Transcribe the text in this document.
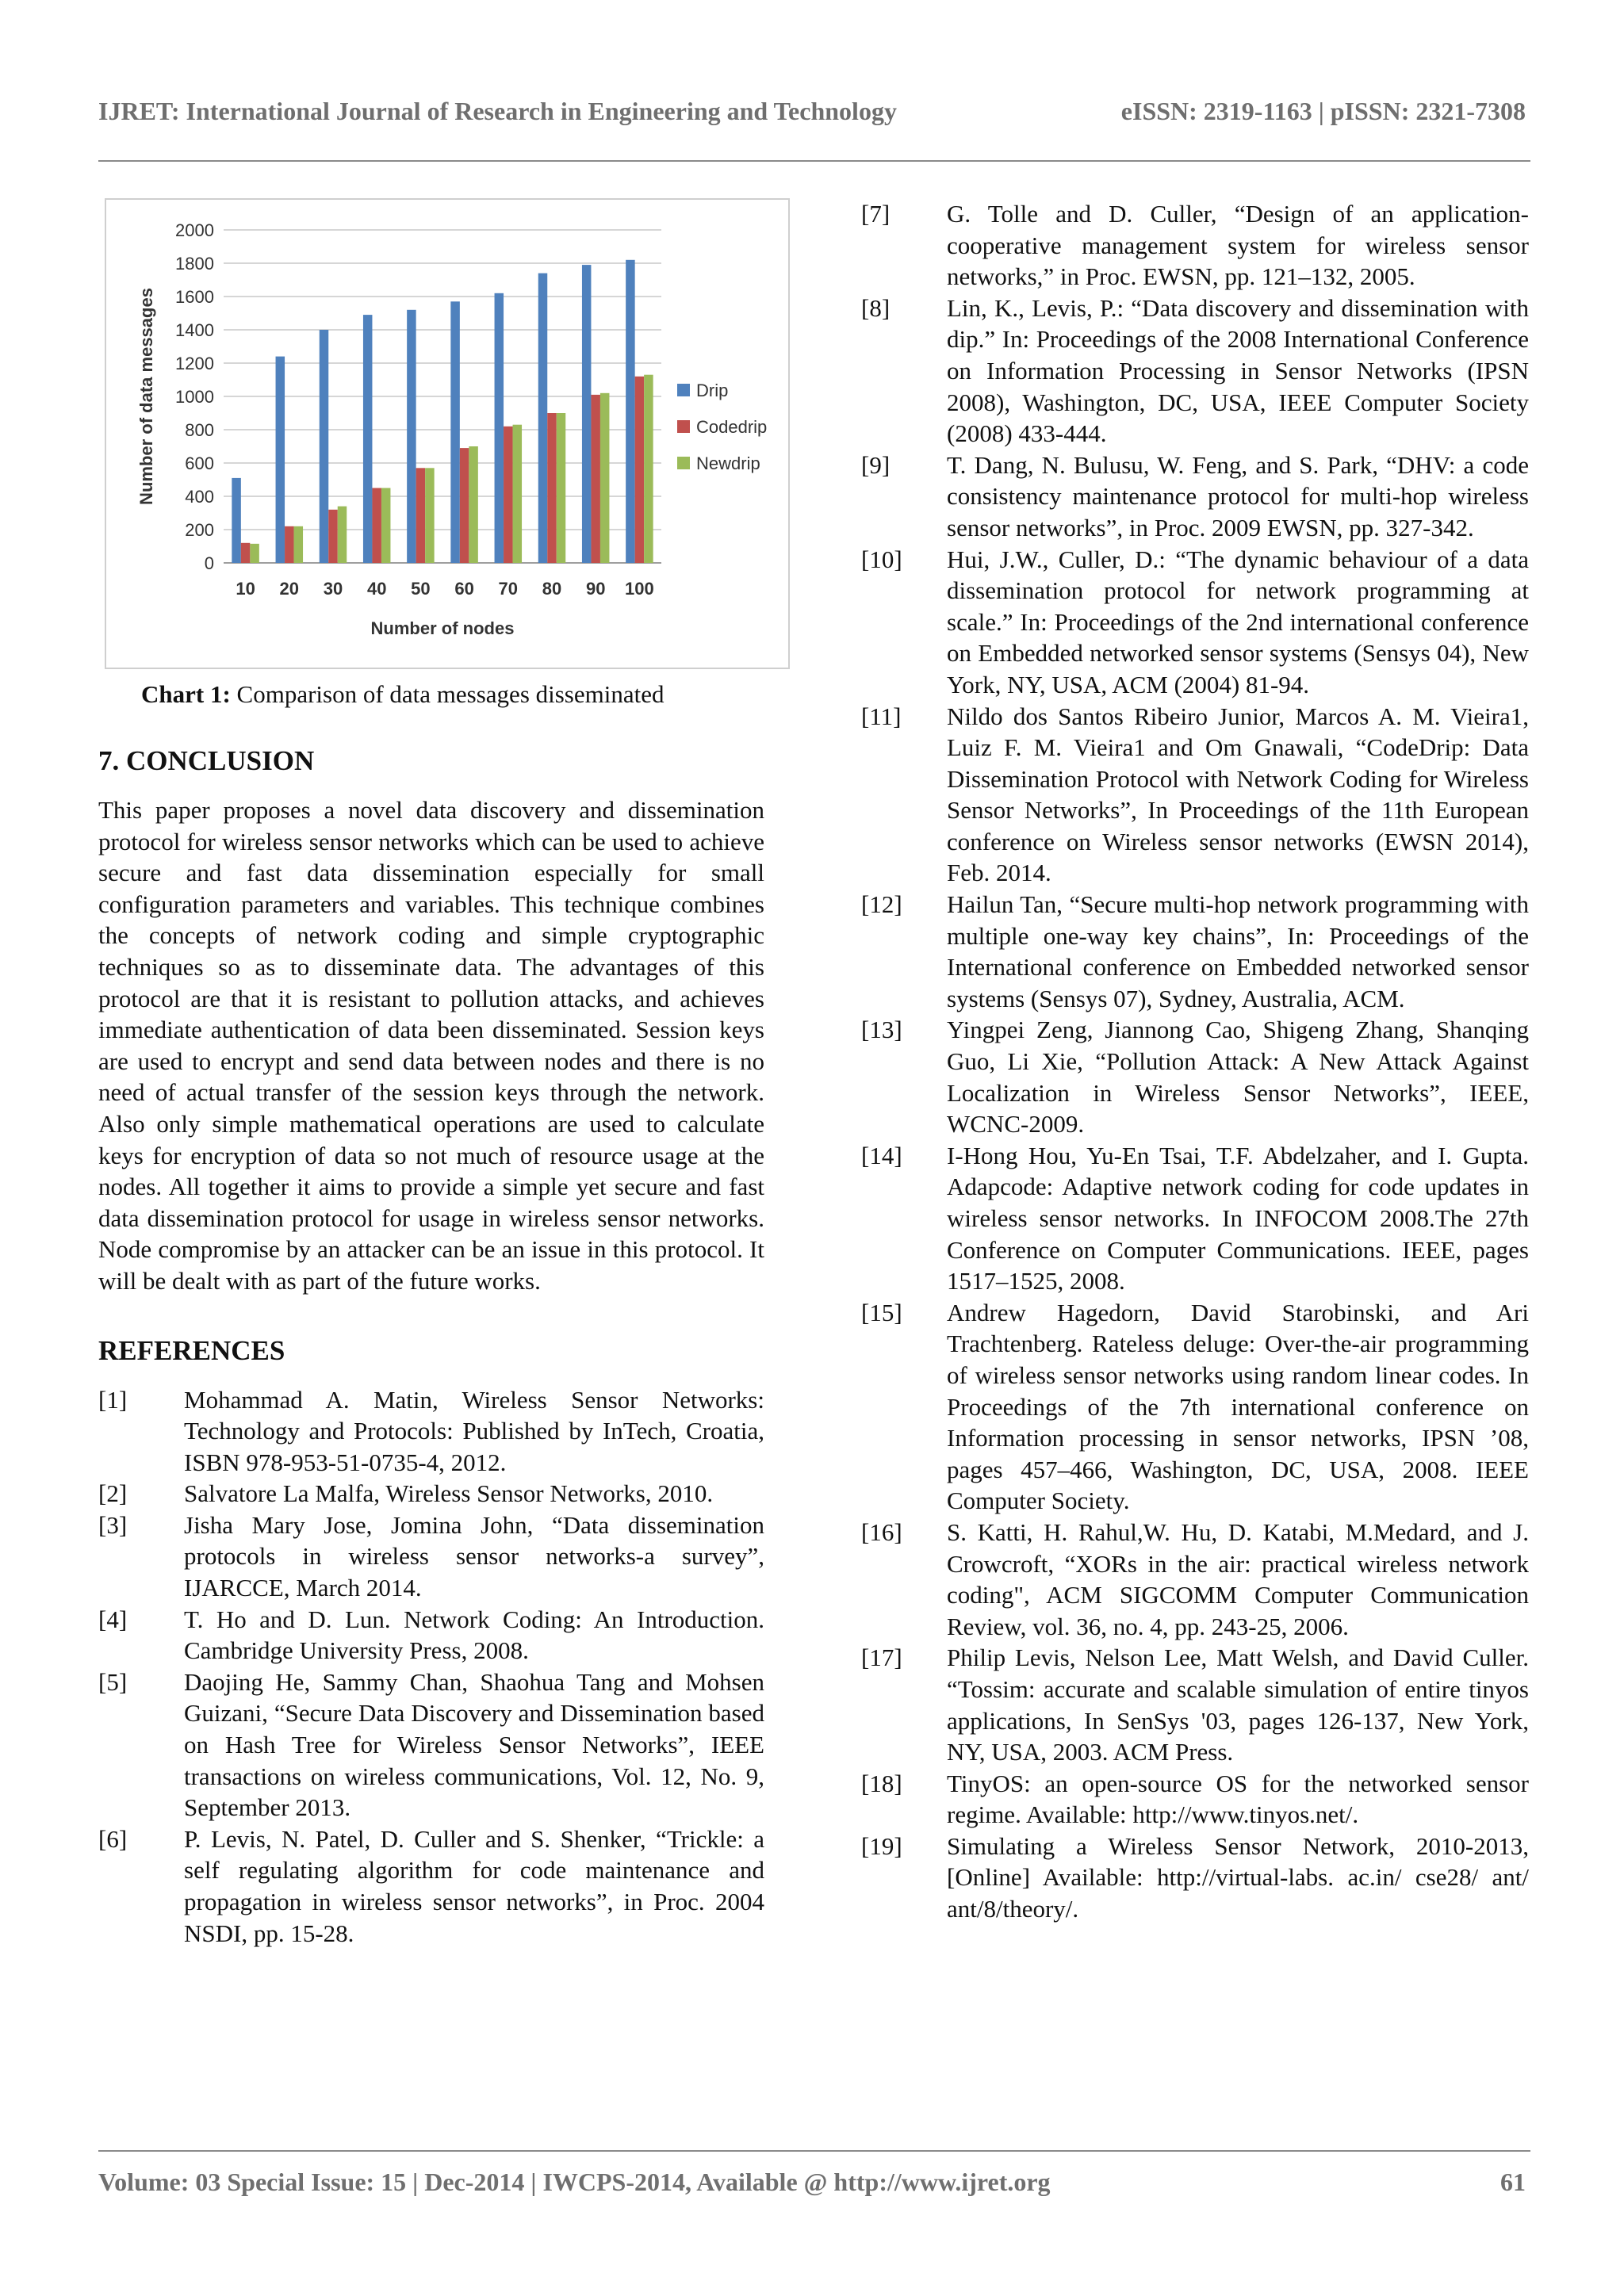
IJRET: International Journal of Research in Engineering and Technology	eISSN: 2319-1163 | pISSN: 2321-7308
0
200
400
600
800
1000
1200
1400
1600
1800
2000
10 20 30 40 50 60 70 80 90 100
Number of nodes
Number of data messages	Drip
Codedrip
Newdrip
Chart 1: Comparison of data messages disseminated
7. CONCLUSION

This paper proposes a novel data discovery and dissemination protocol for wireless sensor networks which can be used to achieve secure and fast data dissemination especially for small configuration parameters and variables. This technique combines the concepts of network coding and simple cryptographic techniques so as to disseminate data. The advantages of this protocol are that it is resistant to pollution attacks, and achieves immediate authentication of data been disseminated. Session keys are used to encrypt and send data between nodes and there is no need of actual transfer of the session keys through the network. Also only simple mathematical operations are used to calculate keys for encryption of data so not much of resource usage at the nodes. All together it aims to provide a simple yet secure and fast data dissemination protocol for usage in wireless sensor networks. Node compromise by an attacker can be an issue in this protocol. It will be dealt with as part of the future works.

REFERENCES
[1] Mohammad A. Matin, Wireless Sensor Networks: Technology and Protocols: Published by InTech, Croatia, ISBN 978-953-51-0735-4, 2012.
[2] Salvatore La Malfa, Wireless Sensor Networks, 2010.
[3] Jisha Mary Jose, Jomina John, “Data dissemination protocols in wireless sensor networks-a survey”, IJARCCE, March 2014.
[4] T. Ho and D. Lun. Network Coding: An Introduction. Cambridge University Press, 2008.
[5] Daojing He, Sammy Chan, Shaohua Tang and Mohsen Guizani, “Secure Data Discovery and Dissemination based on Hash Tree for Wireless Sensor Networks”, IEEE transactions on wireless communications, Vol. 12, No. 9, September 2013.
[6] P. Levis, N. Patel, D. Culler and S. Shenker, “Trickle: a self regulating algorithm for code maintenance and propagation in wireless sensor networks”, in Proc. 2004 NSDI, pp. 15-28.
[7] G. Tolle and D. Culler, “Design of an application-cooperative management system for wireless sensor networks,” in Proc. EWSN, pp. 121–132, 2005.
[8] Lin, K., Levis, P.: “Data discovery and dissemination with dip.” In: Proceedings of the 2008 International Conference on Information Processing in Sensor Networks (IPSN 2008), Washington, DC, USA, IEEE Computer Society (2008) 433-444.
[9] T. Dang, N. Bulusu, W. Feng, and S. Park, “DHV: a code consistency maintenance protocol for multi-hop wireless sensor networks”, in Proc. 2009 EWSN, pp. 327-342.
[10] Hui, J.W., Culler, D.: “The dynamic behaviour of a data dissemination protocol for network programming at scale.” In: Proceedings of the 2nd international conference on Embedded networked sensor systems (Sensys 04), New York, NY, USA, ACM (2004) 81-94.
[11] Nildo dos Santos Ribeiro Junior, Marcos A. M. Vieira1, Luiz F. M. Vieira1 and Om Gnawali, “CodeDrip: Data Dissemination Protocol with Network Coding for Wireless Sensor Networks”, In Proceedings of the 11th European conference on Wireless sensor networks (EWSN 2014), Feb. 2014.
[12] Hailun Tan, “Secure multi-hop network programming with multiple one-way key chains”, In: Proceedings of the International conference on Embedded networked sensor systems (Sensys 07), Sydney, Australia, ACM.
[13] Yingpei Zeng, Jiannong Cao, Shigeng Zhang, Shanqing Guo, Li Xie, “Pollution Attack: A New Attack Against Localization in Wireless Sensor Networks”, IEEE, WCNC-2009.
[14] I-Hong Hou, Yu-En Tsai, T.F. Abdelzaher, and I. Gupta. Adapcode: Adaptive network coding for code updates in wireless sensor networks. In INFOCOM 2008.The 27th Conference on Computer Communications. IEEE, pages 1517–1525, 2008.
[15] Andrew Hagedorn, David Starobinski, and Ari Trachtenberg. Rateless deluge: Over-the-air programming of wireless sensor networks using random linear codes. In Proceedings of the 7th international conference on Information processing in sensor networks, IPSN ’08, pages 457–466, Washington, DC, USA, 2008. IEEE Computer Society.
[16] S. Katti, H. Rahul,W. Hu, D. Katabi, M.Medard, and J. Crowcroft, “XORs in the air: practical wireless network coding", ACM SIGCOMM Computer Communication Review, vol. 36, no. 4, pp. 243-25, 2006.
[17] Philip Levis, Nelson Lee, Matt Welsh, and David Culler. “Tossim: accurate and scalable simulation of entire tinyos applications, In SenSys '03, pages 126-137, New York, NY, USA, 2003. ACM Press.
[18] TinyOS: an open-source OS for the networked sensor regime. Available: http://www.tinyos.net/.
[19] Simulating a Wireless Sensor Network, 2010-2013, [Online] Available: http://virtual-labs. ac.in/ cse28/ ant/ ant/8/theory/.
Volume: 03 Special Issue: 15 | Dec-2014 | IWCPS-2014, Available @ http://www.ijret.org	61
